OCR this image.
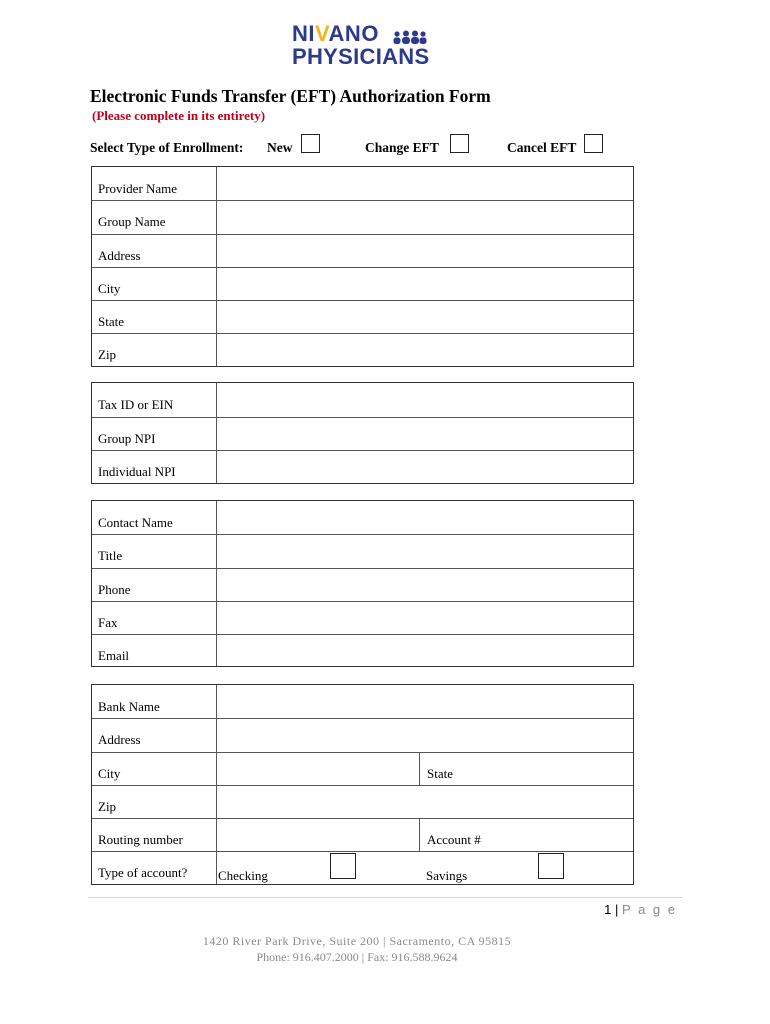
NIVANO
PHYSICIANS
Electronic Funds Transfer (EFT) Authorization Form
(Please complete in its entirety)
Select Type of Enrollment: New	Change EFT	Cancel EFT
Provider Name
Group Name
Address
City
State
Zip
Tax ID or EIN
Group NPI
Individual NPI
Contact Name
Title
Phone
Fax
Email
Bank Name
Address
City	State
Zip
Routing number	Account #
Type of account? Checking	Savings
1 | P a g e
1420 River Park Drive, Suite 200 | Sacramento, CA 95815
Phone: 916.407.2000 | Fax: 916.588.9624
